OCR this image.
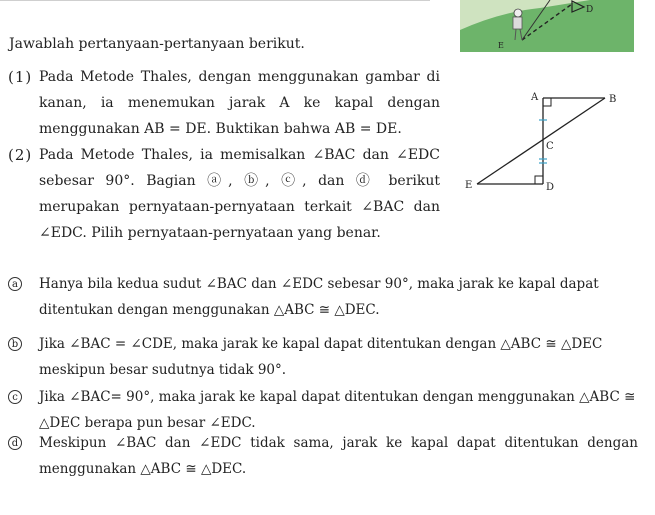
D
E
Jawablah pertanyaan-pertanyaan berikut.
(1) Pada Metode Thales, dengan menggunakan gambar di kanan, ia menemukan jarak A ke kapal dengan menggunakan AB = DE. Buktikan bahwa AB = DE.
(2) Pada Metode Thales, ia memisalkan ∠BAC dan ∠EDC sebesar 90°. Bagian ⓐ, ⓑ, ⓒ, dan ⓓ berikut merupakan pernyataan-pernyataan terkait ∠BAC dan ∠EDC. Pilih pernyataan-pernyataan yang benar.
A	B
C
D
E
a Hanya bila kedua sudut ∠BAC dan ∠EDC sebesar 90°, maka jarak ke kapal dapat ditentukan dengan menggunakan △ABC ≅ △DEC.
b Jika ∠BAC = ∠CDE, maka jarak ke kapal dapat ditentukan dengan △ABC ≅ △DEC meskipun besar sudutnya tidak 90°.
c	Jika ∠BAC= 90°, maka jarak ke kapal dapat ditentukan dengan menggunakan △ABC ≅ △DEC berapa pun besar ∠EDC.
d Meskipun ∠BAC dan ∠EDC tidak sama, jarak ke kapal dapat ditentukan dengan menggunakan △ABC ≅ △DEC.
